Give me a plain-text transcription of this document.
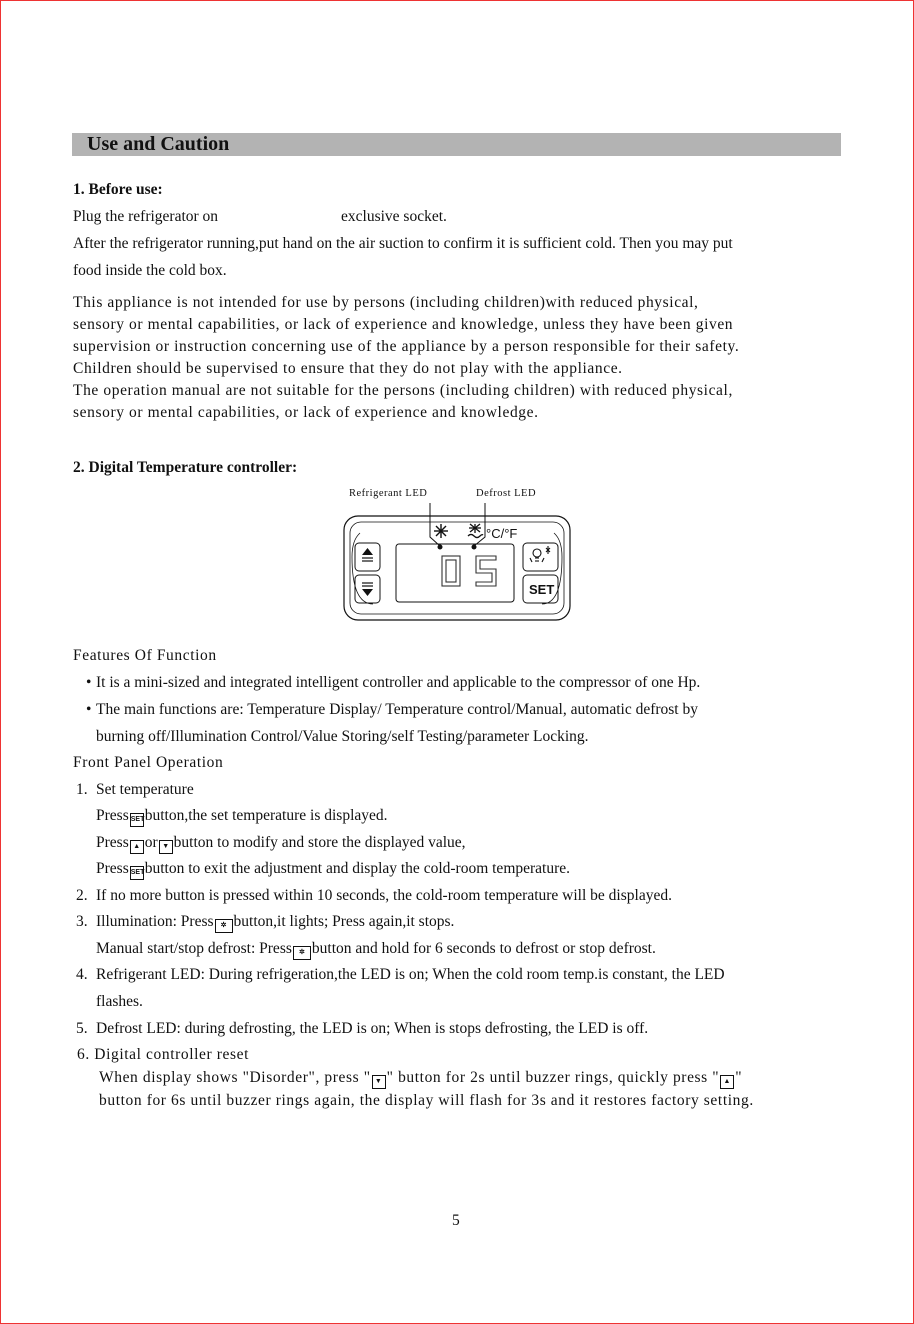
Use and Caution
1. Before use:
Plug the refrigerator on	exclusive socket.
After the refrigerator running,put hand on the air suction to confirm it is sufficient cold. Then you may put
food inside the cold box.
This appliance is not intended for use by persons (including children)with reduced physical,
sensory or mental capabilities, or lack of experience and knowledge, unless they have been given
supervision or instruction concerning use of the appliance by a person responsible for their safety.
Children should be supervised to ensure that they do not play with the appliance.
The operation manual are not suitable for the persons (including children) with reduced physical,
sensory or mental capabilities, or lack of experience and knowledge.
2. Digital Temperature controller:
Refrigerant LED	Defrost LED
°C/°F
SET
Features Of Function
• It is a mini-sized and integrated intelligent controller and applicable to the compressor of one Hp.
• The main functions are: Temperature Display/ Temperature control/Manual, automatic defrost by
burning off/Illumination Control/Value Storing/self Testing/parameter Locking.
Front Panel Operation
1. Set temperature
Press SETbutton,the set temperature is displayed.
Press ▲ or ▼ button to modify and store the displayed value,
Press SETbutton to exit the adjustment and display the cold-room temperature.
2. If no more button is pressed within 10 seconds, the cold-room temperature will be displayed.
3. Illumination: Press ✲ button,it lights; Press again,it stops.
Manual start/stop defrost: Press ✲ button and hold for 6 seconds to defrost or stop defrost.
4. Refrigerant LED: During refrigeration,the LED is on; When the cold room temp.is constant, the LED
flashes.
5. Defrost LED: during defrosting, the LED is on; When is stops defrosting, the LED is off.
6. Digital controller reset
When display shows "Disorder", press " ▼ " button for 2s until buzzer rings, quickly press " ▲ "
button for 6s until buzzer rings again, the display will flash for 3s and it restores factory setting.
5
